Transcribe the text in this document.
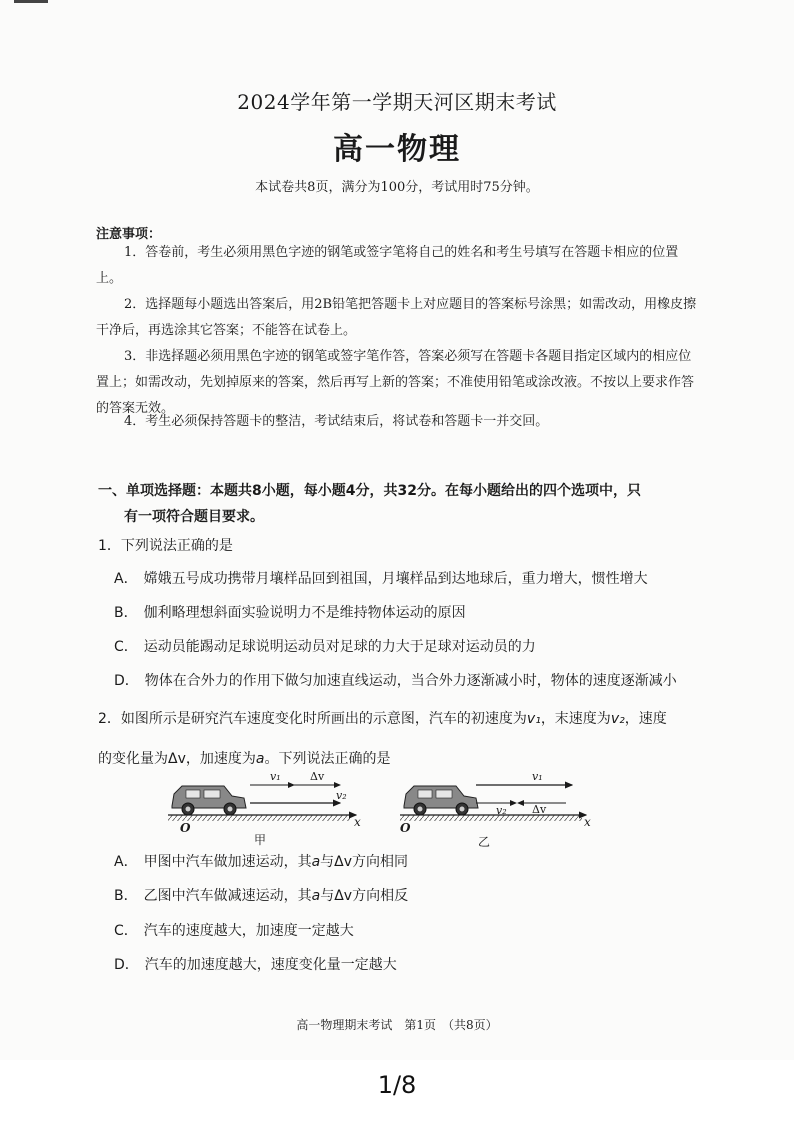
2024学年第一学期天河区期末考试
高一物理
本试卷共8页，满分为100分，考试用时75分钟。
注意事项：
1．答卷前，考生必须用黑色字迹的钢笔或签字笔将自己的姓名和考生号填写在答题卡相应的位置上。
2．选择题每小题选出答案后，用2B铅笔把答题卡上对应题目的答案标号涂黑；如需改动，用橡皮擦干净后，再选涂其它答案；不能答在试卷上。
3．非选择题必须用黑色字迹的钢笔或签字笔作答，答案必须写在答题卡各题目指定区域内的相应位置上；如需改动，先划掉原来的答案，然后再写上新的答案；不准使用铅笔或涂改液。不按以上要求作答的答案无效。
4．考生必须保持答题卡的整洁，考试结束后，将试卷和答题卡一并交回。
一、单项选择题：本题共8小题，每小题4分，共32分。在每小题给出的四个选项中，只
有一项符合题目要求。
1．下列说法正确的是
A． 嫦娥五号成功携带月壤样品回到祖国，月壤样品到达地球后，重力增大，惯性增大
B． 伽利略理想斜面实验说明力不是维持物体运动的原因
C． 运动员能踢动足球说明运动员对足球的力大于足球对运动员的力
D． 物体在合外力的作用下做匀加速直线运动，当合外力逐渐减小时，物体的速度逐渐减小
2．如图所示是研究汽车速度变化时所画出的示意图，汽车的初速度为v₁，末速度为v₂，速度
的变化量为Δv，加速度为a。下列说法正确的是
v₁	Δv
v₂
O	x
甲
v₁
v₂ Δv
O	x
乙
A． 甲图中汽车做加速运动，其a与Δv方向相同
B． 乙图中汽车做减速运动，其a与Δv方向相反
C． 汽车的速度越大，加速度一定越大
D． 汽车的加速度越大，速度变化量一定越大
高一物理期末考试　第1页　（共8页）
1/8
